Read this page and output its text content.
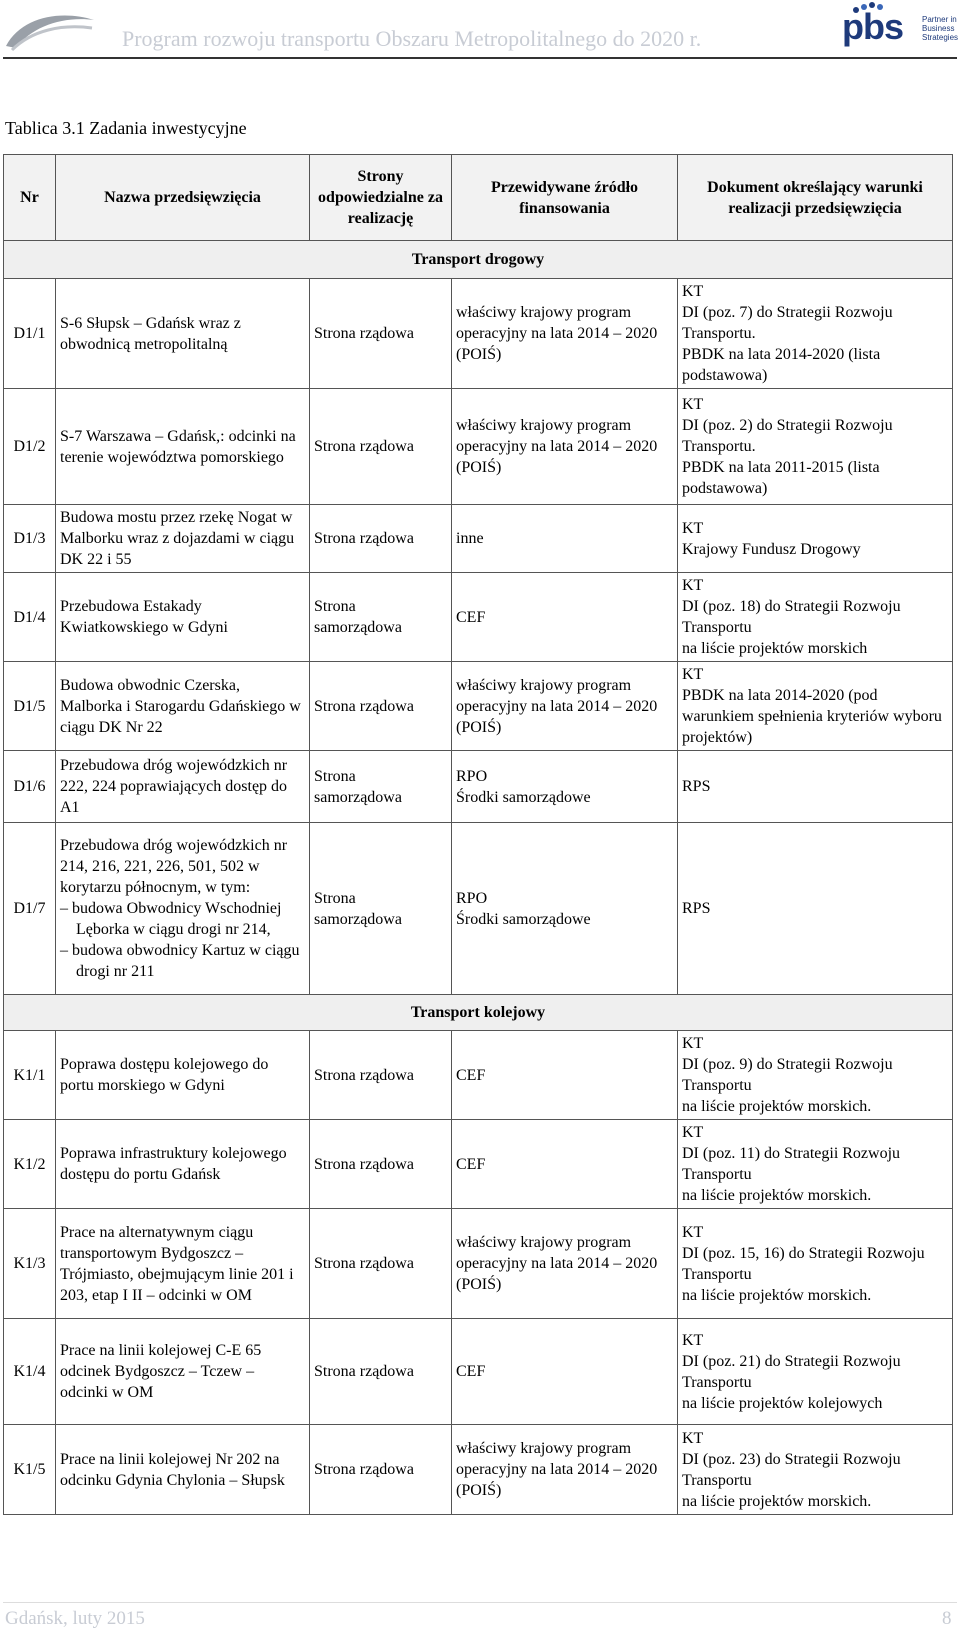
Program rozwoju transportu Obszaru Metropolitalnego do 2020 r.	pbs Partner in
Business
Strategies
Tablica 3.1 Zadania inwestycyjne
Nr	Nazwa przedsięwzięcia	Strony odpowiedzialne za realizację	Przewidywane źródło finansowania	Dokument określający warunki realizacji przedsięwzięcia
Transport drogowy				
D1/1	S-6 Słupsk – Gdańsk wraz z obwodnicą metropolitalną	Strona rządowa	właściwy krajowy program operacyjny na lata 2014 – 2020 (POIŚ)	KT
DI (poz. 7) do Strategii Rozwoju Transportu.
PBDK na lata 2014-2020 (lista podstawowa)

D1/2	S-7 Warszawa – Gdańsk,: odcinki na terenie województwa pomorskiego	Strona rządowa	właściwy krajowy program operacyjny na lata 2014 – 2020 (POIŚ)	KT
DI (poz. 2) do Strategii Rozwoju Transportu.
PBDK na lata 2011-2015 (lista podstawowa)

D1/3	Budowa mostu przez rzekę Nogat w Malborku wraz z dojazdami w ciągu DK 22 i 55	Strona rządowa	inne	KT
Krajowy Fundusz Drogowy

D1/4	Przebudowa Estakady Kwiatkowskiego w Gdyni	Strona samorządowa	CEF	KT
DI (poz. 18) do Strategii Rozwoju Transportu
na liście projektów morskich

D1/5	Budowa obwodnic Czerska, Malborka i Starogardu Gdańskiego w ciągu DK Nr 22	Strona rządowa	właściwy krajowy program operacyjny na lata 2014 – 2020 (POIŚ)	KT
PBDK na lata 2014-2020 (pod warunkiem spełnienia kryteriów wyboru projektów)

D1/6	Przebudowa dróg wojewódzkich nr 222, 224 poprawiających dostęp do A1	Strona samorządowa	RPO
Środki samorządowe	RPS
D1/7	Przebudowa dróg wojewódzkich nr 214, 216, 221, 226, 501, 502 w korytarzu północnym, w tym:
– budowa Obwodnicy Wschodniej Lęborka w ciągu drogi nr 214,
– budowa obwodnicy Kartuz w ciągu drogi nr 211	Strona samorządowa	RPO
Środki samorządowe	RPS
Transport kolejowy				
K1/1	Poprawa dostępu kolejowego do portu morskiego w Gdyni	Strona rządowa	CEF	KT
DI (poz. 9) do Strategii Rozwoju Transportu
na liście projektów morskich.

K1/2	Poprawa infrastruktury kolejowego dostępu do portu Gdańsk	Strona rządowa	CEF	KT
DI (poz. 11) do Strategii Rozwoju Transportu
na liście projektów morskich.

K1/3	Prace na alternatywnym ciągu transportowym Bydgoszcz – Trójmiasto, obejmującym linie 201 i 203, etap I II – odcinki w OM	Strona rządowa	właściwy krajowy program operacyjny na lata 2014 – 2020 (POIŚ)	KT
DI (poz. 15, 16) do Strategii Rozwoju Transportu
na liście projektów morskich.

K1/4	Prace na linii kolejowej C-E 65 odcinek Bydgoszcz – Tczew – odcinki w OM	Strona rządowa	CEF	KT
DI (poz. 21) do Strategii Rozwoju Transportu
na liście projektów kolejowych

K1/5	Prace na linii kolejowej Nr 202 na odcinku Gdynia Chylonia – Słupsk	Strona rządowa	właściwy krajowy program operacyjny na lata 2014 – 2020 (POIŚ)	KT
DI (poz. 23) do Strategii Rozwoju Transportu
na liście projektów morskich.
Gdańsk, luty 2015	8
